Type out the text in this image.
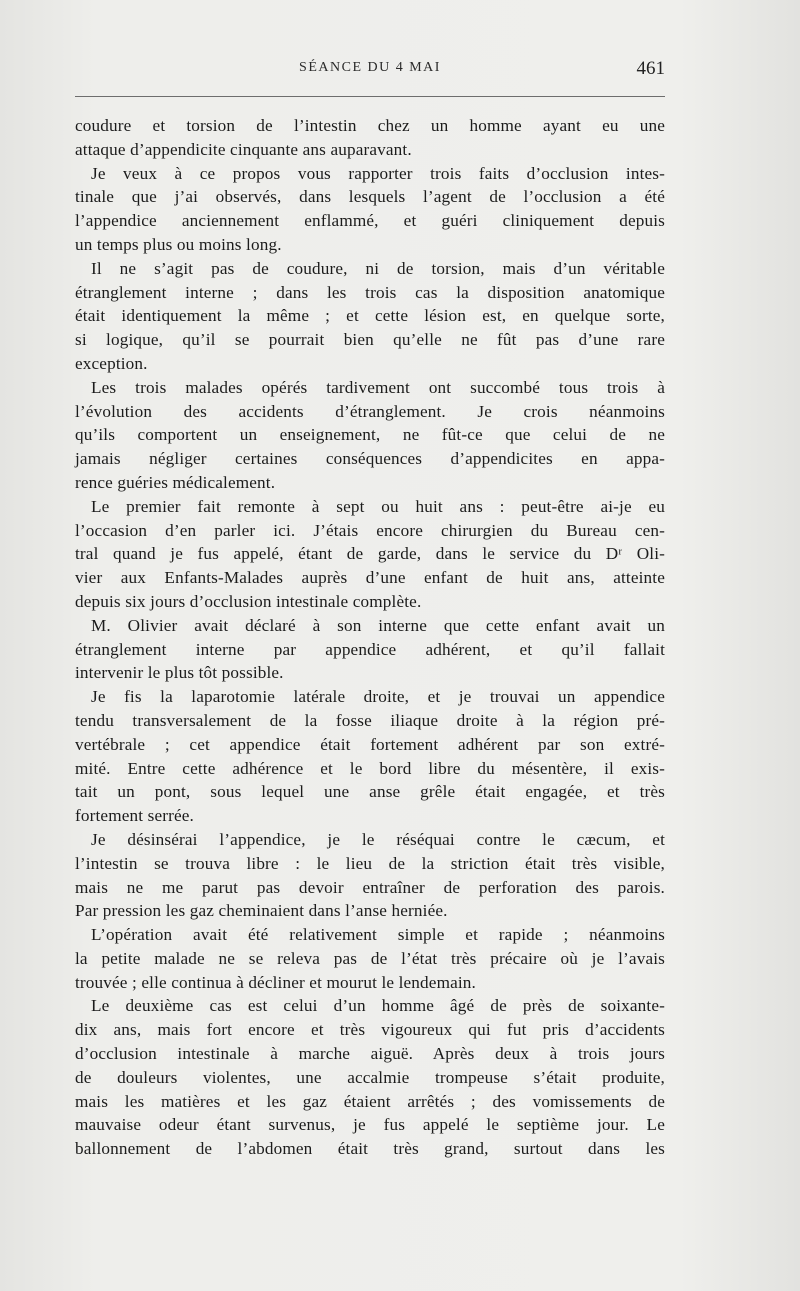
SÉANCE DU 4 MAI	461
coudure et torsion de l’intestin chez un homme ayant eu une
attaque d’appendicite cinquante ans auparavant.
Je veux à ce propos vous rapporter trois faits d’occlusion intes-
tinale que j’ai observés, dans lesquels l’agent de l’occlusion a été
l’appendice anciennement enflammé, et guéri cliniquement depuis
un temps plus ou moins long.
Il ne s’agit pas de coudure, ni de torsion, mais d’un véritable
étranglement interne ; dans les trois cas la disposition anatomique
était identiquement la même ; et cette lésion est, en quelque sorte,
si logique, qu’il se pourrait bien qu’elle ne fût pas d’une rare
exception.
Les trois malades opérés tardivement ont succombé tous trois à
l’évolution des accidents d’étranglement. Je crois néanmoins
qu’ils comportent un enseignement, ne fût-ce que celui de ne
jamais négliger certaines conséquences d’appendicites en appa-
rence guéries médicalement.
Le premier fait remonte à sept ou huit ans : peut-être ai-je eu
l’occasion d’en parler ici. J’étais encore chirurgien du Bureau cen-
tral quand je fus appelé, étant de garde, dans le service du Dʳ Oli-
vier aux Enfants-Malades auprès d’une enfant de huit ans, atteinte
depuis six jours d’occlusion intestinale complète.
M. Olivier avait déclaré à son interne que cette enfant avait un
étranglement interne par appendice adhérent, et qu’il fallait
intervenir le plus tôt possible.
Je fis la laparotomie latérale droite, et je trouvai un appendice
tendu transversalement de la fosse iliaque droite à la région pré-
vertébrale ; cet appendice était fortement adhérent par son extré-
mité. Entre cette adhérence et le bord libre du mésentère, il exis-
tait un pont, sous lequel une anse grêle était engagée, et très
fortement serrée.
Je désinsérai l’appendice, je le réséquai contre le cæcum, et
l’intestin se trouva libre : le lieu de la striction était très visible,
mais ne me parut pas devoir entraîner de perforation des parois.
Par pression les gaz cheminaient dans l’anse herniée.
L’opération avait été relativement simple et rapide ; néanmoins
la petite malade ne se releva pas de l’état très précaire où je l’avais
trouvée ; elle continua à décliner et mourut le lendemain.
Le deuxième cas est celui d’un homme âgé de près de soixante-
dix ans, mais fort encore et très vigoureux qui fut pris d’accidents
d’occlusion intestinale à marche aiguë. Après deux à trois jours
de douleurs violentes, une accalmie trompeuse s’était produite,
mais les matières et les gaz étaient arrêtés ; des vomissements de
mauvaise odeur étant survenus, je fus appelé le septième jour. Le
ballonnement de l’abdomen était très grand, surtout dans les
